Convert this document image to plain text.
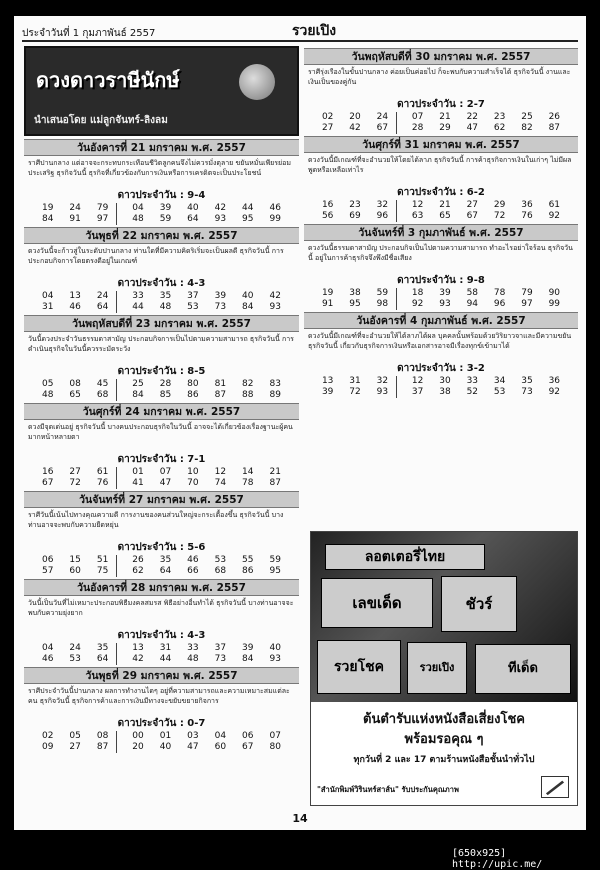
ประจำวันที่ 1 กุมภาพันธ์ 2557	รวยเปิง
ดวงดาวราษีนักษ์
นำเสนอโดย แม่ลูกจันทร์-ลิงลม
วันอังคารที่ 21 มกราคม พ.ศ. 2557
ราศีปานกลาง แต่อาจจะกระทบกระเทือนชีวิตลูกคนจึงไม่ควรมั่งตุลาย ขยันหมั่นเพียรย่อมประเสริฐ ธุรกิจวันนี้ ธุรกิจที่เกี่ยวข้องกับการเงินหรือการเครดิตจะเป็นประโยชน์
ดาวประจำวัน : 9-4
19	24	79	04	39	40	42	44	46
84	91	97	48	59	64	93	95	99
วันพุธที่ 22 มกราคม พ.ศ. 2557
ดวงวันนี้จะก้าวสู่ในระดับปานกลาง ท่านใดที่มีความคิดริเริ่มจะเป็นผลดี ธุรกิจวันนี้ การประกอบกิจการโดยตรงดีอยู่ในเกณฑ์
ดาวประจำวัน : 4-3
04	13	24	33	35	37	39	40	42
31	46	64	44	48	53	73	84	93
วันพฤหัสบดีที่ 23 มกราคม พ.ศ. 2557
วันนี้ดวงประจำวันธรรมดาสามัญ ประกอบกิจการเป็นไปตามความสามารถ ธุรกิจวันนี้ การดำเนินธุรกิจในวันนี้ควรระมัดระวัง
ดาวประจำวัน : 8-5
05	08	45	25	28	80	81	82	83
48	65	68	84	85	86	87	88	89
วันศุกร์ที่ 24 มกราคม พ.ศ. 2557
ดวงมีจุดเด่นอยู่ ธุรกิจวันนี้ บางคนประกอบธุรกิจในวันนี้ อาจจะได้เกี่ยวข้องเรื่องฐานะผู้คนมากหน้าหลายตา
ดาวประจำวัน : 7-1
16	27	61	01	07	10	12	14	21
67	72	76	41	47	70	74	78	87
วันจันทร์ที่ 27 มกราคม พ.ศ. 2557
ราศีวันนี้เน้นไปทางคุณความดี การงานของคนส่วนใหญ่จะกระเตื้องขึ้น ธุรกิจวันนี้ บางท่านอาจจะพบกับความยืดหยุ่น
ดาวประจำวัน : 5-6
06	15	51	26	35	46	53	55	59
57	60	75	62	64	66	68	86	95
วันอังคารที่ 28 มกราคม พ.ศ. 2557
วันนี้เป็นวันที่ไม่เหมาะประกอบพิธีมงคลสมรส พิธีอย่างอื่นทำได้ ธุรกิจวันนี้ บางท่านอาจจะพบกับความยุ่งยาก
ดาวประจำวัน : 4-3
04	24	35	13	31	33	37	39	40
46	53	64	42	44	48	73	84	93
วันพุธที่ 29 มกราคม พ.ศ. 2557
ราศีประจำวันนี้ปานกลาง ผลการทำงานไดๆ อยู่ที่ความสามารถและความเหมาะสมแต่ละคน ธุรกิจวันนี้ ธุรกิจการค้าและการเงินมีทางจะขยับขยายกิจการ
ดาวประจำวัน : 0-7
02	05	08	00	01	03	04	06	07
09	27	87	20	40	47	60	67	80
วันพฤหัสบดีที่ 30 มกราคม พ.ศ. 2557
ราศีรุ่งเรืองในขั้นปานกลาง ค่อยเป็นค่อยไป ก็จะพบกับความสำเร็จได้ ธุรกิจวันนี้ งานและเงินเป็นของคู่กัน
ดาวประจำวัน : 2-7
02	20	24	07	21	22	23	25	26
27	42	67	28	29	47	62	82	87
วันศุกร์ที่ 31 มกราคม พ.ศ. 2557
ดวงวันนี้มีเกณฑ์ที่จะอำนวยให้โดยได้ลาภ ธุรกิจวันนี้ การค้าธุรกิจการเงินในเก่าๆ ไม่มีผลพูดหรือเหลือเท่าไร
ดาวประจำวัน : 6-2
16	23	32	12	21	27	29	36	61
56	69	96	63	65	67	72	76	92
วันจันทร์ที่ 3 กุมภาพันธ์ พ.ศ. 2557
ดวงวันนี้ธรรมดาสามัญ ประกอบกิจเป็นไปตามความสามารถ ทำอะไรอย่าใจร้อน ธุรกิจวันนี้ อยู่ในการค้าธุรกิจจึงพึงมีชื่อเสียง
ดาวประจำวัน : 9-8
19	38	59	18	39	58	78	79	90
91	95	98	92	93	94	96	97	99
วันอังคารที่ 4 กุมภาพันธ์ พ.ศ. 2557
ดวงวันนี้มีเกณฑ์ที่จะอำนวยให้ได้ลาภได้ผล บุคคลนั้นพร้อมด้วยวิริยาวจาและมีความขยัน ธุรกิจวันนี้ เกี่ยวกับธุรกิจการเงินหรือเอกสารอาจมีเรื่องทุกข์เข้ามาได้
ดาวประจำวัน : 3-2
13	31	32	12	30	33	34	35	36
39	72	93	37	38	52	53	73	92
ลอตเตอรี่ไทย
เลขเด็ด	ชัวร์
รวยโชค	รวยเปิง	ทีเด็ด
ต้นตำรับแห่งหนังสือเสี่ยงโชค
พร้อมรอคุณ ๆ
ทุกวันที่ 2 และ 17 ตามร้านหนังสือชั้นนำทั่วไป
"สำนักพิมพ์วิรินทร์สาส์น" รับประกันคุณภาพ
14
[650x925] http://upic.me/
